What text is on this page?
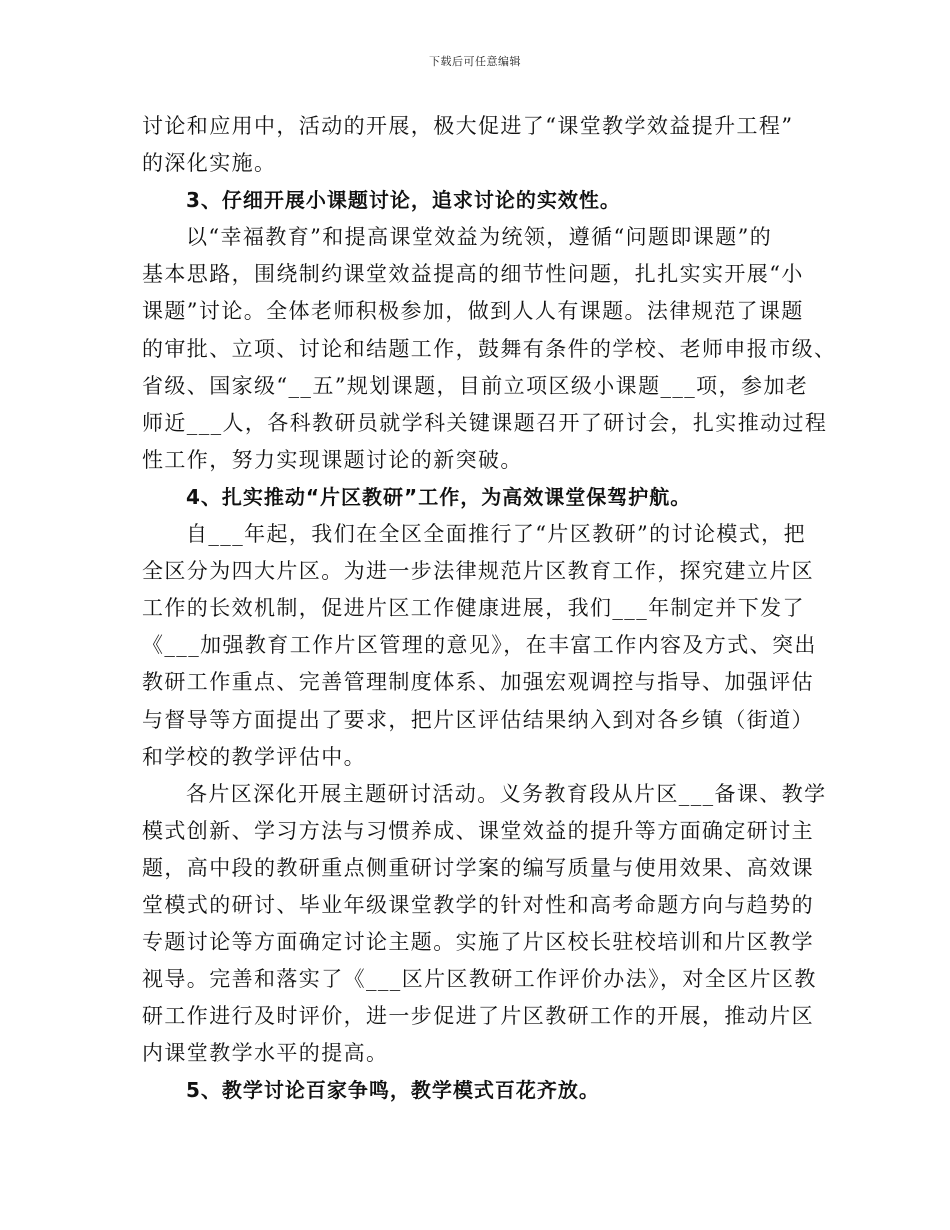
下载后可任意编辑
讨论和应用中，活动的开展，极大促进了“课堂教学效益提升工程”
的深化实施。
3、仔细开展小课题讨论，追求讨论的实效性。
以“幸福教育”和提高课堂效益为统领，遵循“问题即课题”的
基本思路，围绕制约课堂效益提高的细节性问题，扎扎实实开展“小
课题”讨论。全体老师积极参加，做到人人有课题。法律规范了课题
的审批、立项、讨论和结题工作，鼓舞有条件的学校、老师申报市级、
省级、国家级“__五”规划课题，目前立项区级小课题___项，参加老
师近___人，各科教研员就学科关键课题召开了研讨会，扎实推动过程
性工作，努力实现课题讨论的新突破。
4、扎实推动“片区教研”工作，为高效课堂保驾护航。
自___年起，我们在全区全面推行了“片区教研”的讨论模式，把
全区分为四大片区。为进一步法律规范片区教育工作，探究建立片区
工作的长效机制，促进片区工作健康进展，我们___年制定并下发了
《___加强教育工作片区管理的意见》，在丰富工作内容及方式、突出
教研工作重点、完善管理制度体系、加强宏观调控与指导、加强评估
与督导等方面提出了要求，把片区评估结果纳入到对各乡镇（街道）
和学校的教学评估中。
各片区深化开展主题研讨活动。义务教育段从片区___备课、教学
模式创新、学习方法与习惯养成、课堂效益的提升等方面确定研讨主
题，高中段的教研重点侧重研讨学案的编写质量与使用效果、高效课
堂模式的研讨、毕业年级课堂教学的针对性和高考命题方向与趋势的
专题讨论等方面确定讨论主题。实施了片区校长驻校培训和片区教学
视导。完善和落实了《___区片区教研工作评价办法》，对全区片区教
研工作进行及时评价，进一步促进了片区教研工作的开展，推动片区
内课堂教学水平的提高。
5、教学讨论百家争鸣，教学模式百花齐放。
